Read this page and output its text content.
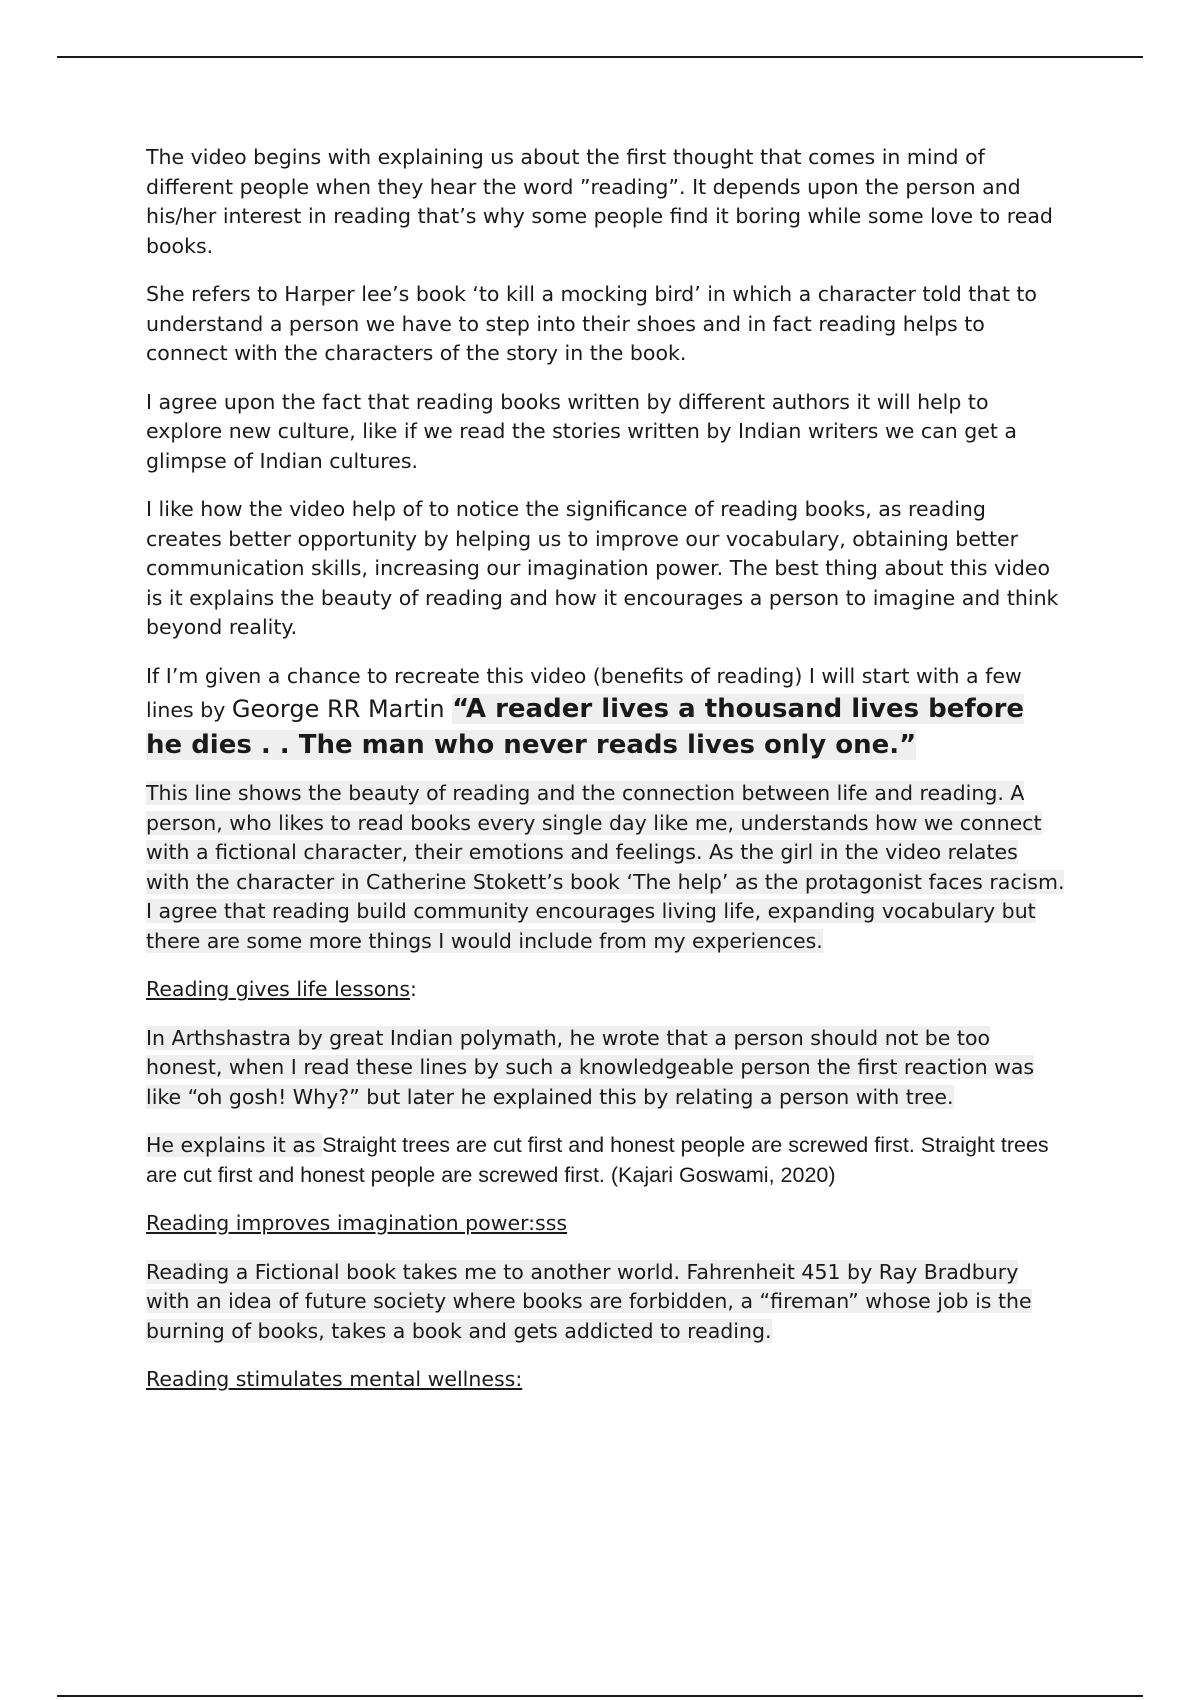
The video begins with explaining us about the first thought that comes in mind of different people when they hear the word ”reading”. It depends upon the person and his/her interest in reading that’s why some people find it boring while some love to read books.

She refers to Harper lee’s book ‘to kill a mocking bird’ in which a character told that to understand a person we have to step into their shoes and in fact reading helps to connect with the characters of the story in the book.

I agree upon the fact that reading books written by different authors it will help to explore new culture, like if we read the stories written by Indian writers we can get a glimpse of Indian cultures.

I like how the video help of to notice the significance of reading books, as reading creates better opportunity by helping us to improve our vocabulary, obtaining better communication skills, increasing our imagination power. The best thing about this video is it explains the beauty of reading and how it encourages a person to imagine and think beyond reality.

If I’m given a chance to recreate this video (benefits of reading) I will start with a few lines by George RR Martin “A reader lives a thousand lives before he dies . . The man who never reads lives only one.”

This line shows the beauty of reading and the connection between life and reading. A person, who likes to read books every single day like me, understands how we connect with a fictional character, their emotions and feelings. As the girl in the video relates with the character in Catherine Stokett’s book ‘The help’ as the protagonist faces racism. I agree that reading build community encourages living life, expanding vocabulary but there are some more things I would include from my experiences.

Reading gives life lessons:

In Arthshastra by great Indian polymath, he wrote that a person should not be too honest, when I read these lines by such a knowledgeable person the first reaction was like “oh gosh! Why?” but later he explained this by relating a person with tree.

He explains it as Straight trees are cut first and honest people are screwed first. Straight trees are cut first and honest people are screwed first. (Kajari Goswami, 2020)

Reading improves imagination power:sss

Reading a Fictional book takes me to another world. Fahrenheit 451 by Ray Bradbury with an idea of future society where books are forbidden, a “fireman” whose job is the burning of books, takes a book and gets addicted to reading.

Reading stimulates mental wellness:
